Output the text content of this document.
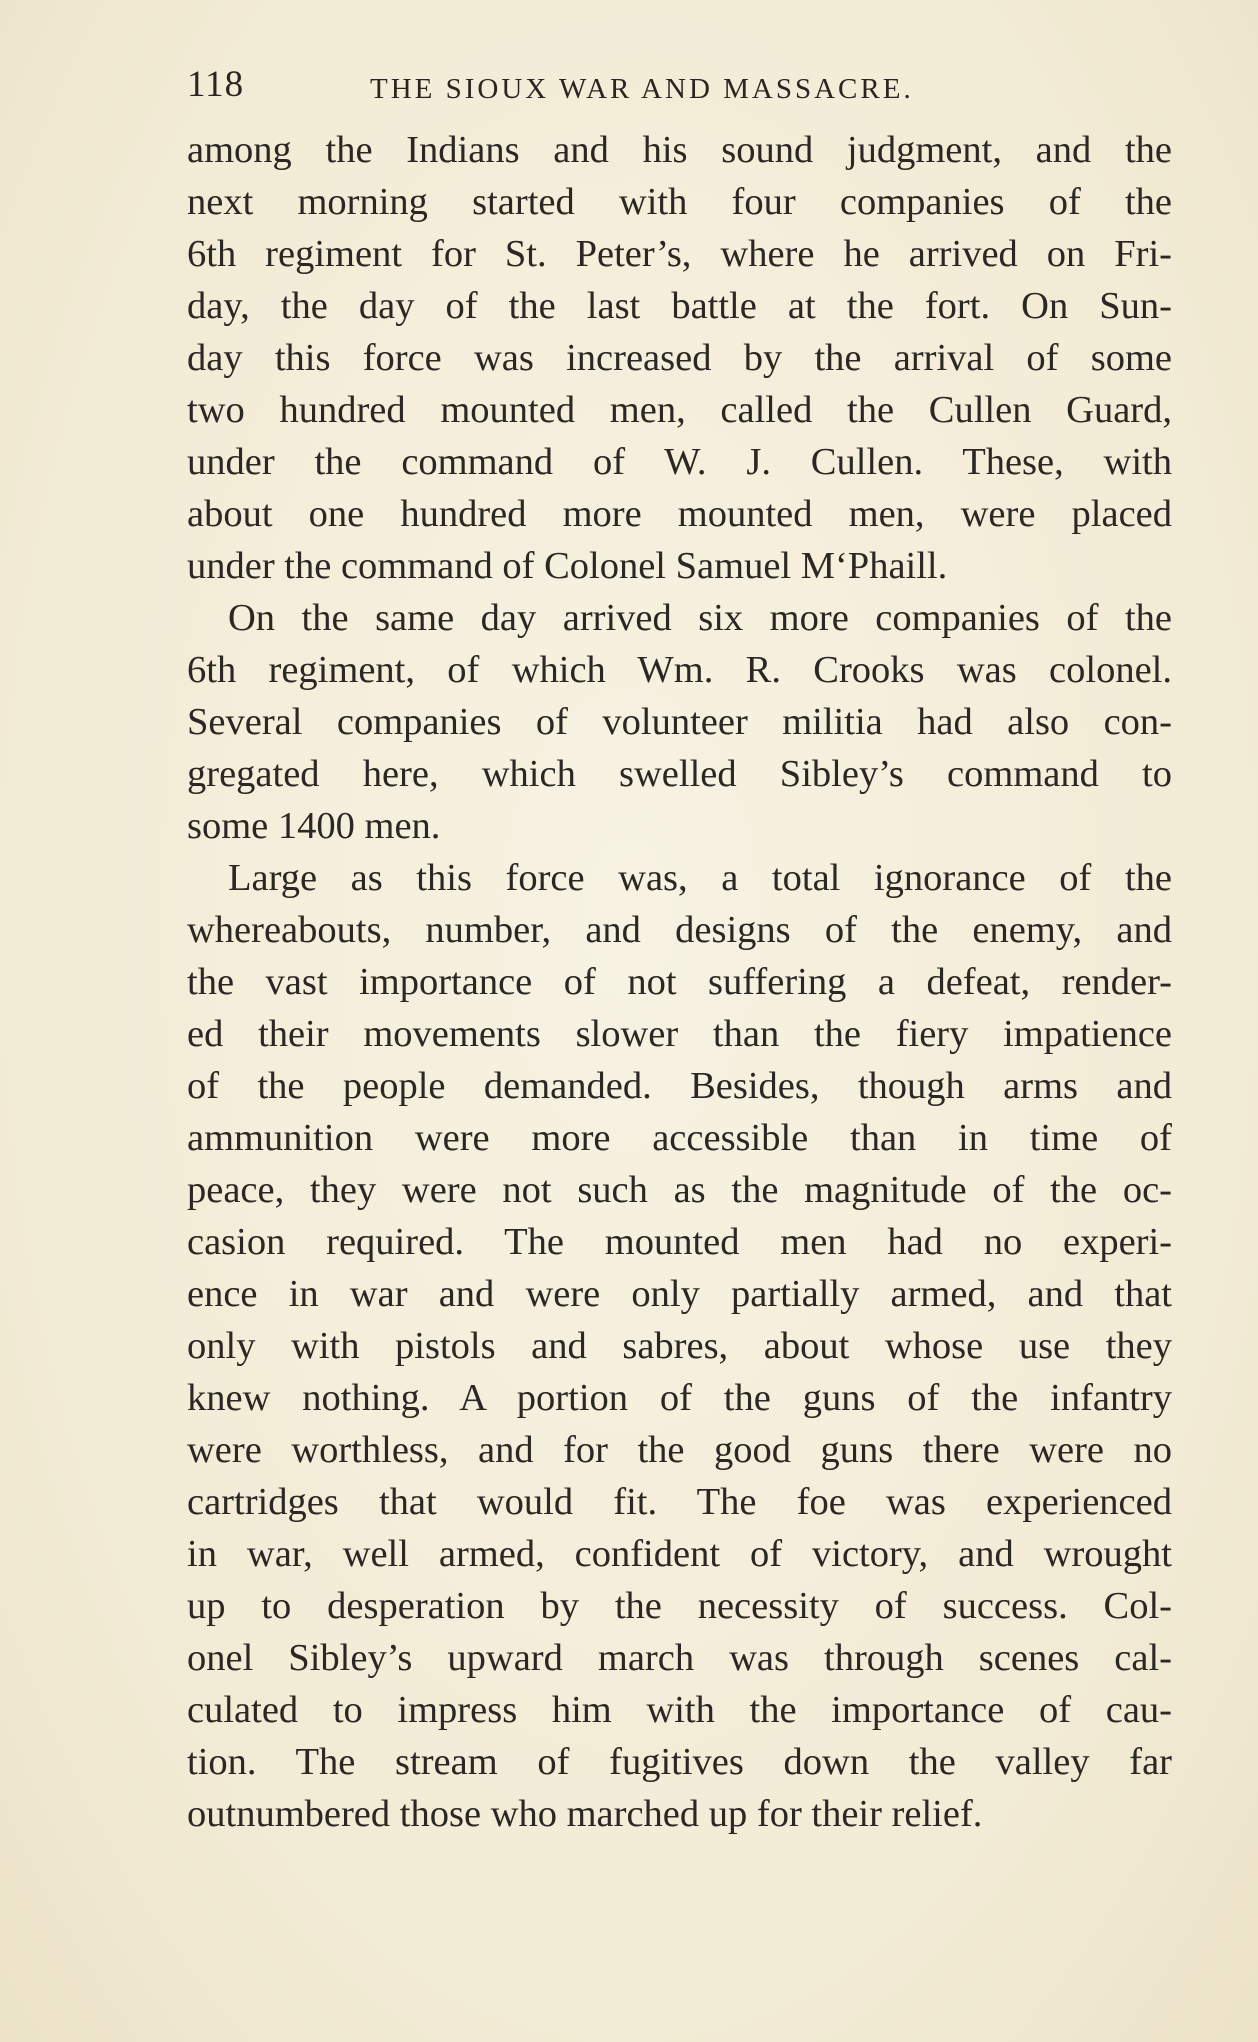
118	THE SIOUX WAR AND MASSACRE.
among the Indians and his sound judgment, and the
next morning started with four companies of the
6th regiment for St. Peter’s, where he arrived on Fri-
day, the day of the last battle at the fort. On Sun-
day this force was increased by the arrival of some
two hundred mounted men, called the Cullen Guard,
under the command of W. J. Cullen. These, with
about one hundred more mounted men, were placed
under the command of Colonel Samuel M‘Phaill.
On the same day arrived six more companies of the
6th regiment, of which Wm. R. Crooks was colonel.
Several companies of volunteer militia had also con-
gregated here, which swelled Sibley’s command to
some 1400 men.
Large as this force was, a total ignorance of the
whereabouts, number, and designs of the enemy, and
the vast importance of not suffering a defeat, render-
ed their movements slower than the fiery impatience
of the people demanded. Besides, though arms and
ammunition were more accessible than in time of
peace, they were not such as the magnitude of the oc-
casion required. The mounted men had no experi-
ence in war and were only partially armed, and that
only with pistols and sabres, about whose use they
knew nothing. A portion of the guns of the infantry
were worthless, and for the good guns there were no
cartridges that would fit. The foe was experienced
in war, well armed, confident of victory, and wrought
up to desperation by the necessity of success. Col-
onel Sibley’s upward march was through scenes cal-
culated to impress him with the importance of cau-
tion. The stream of fugitives down the valley far
outnumbered those who marched up for their relief.
